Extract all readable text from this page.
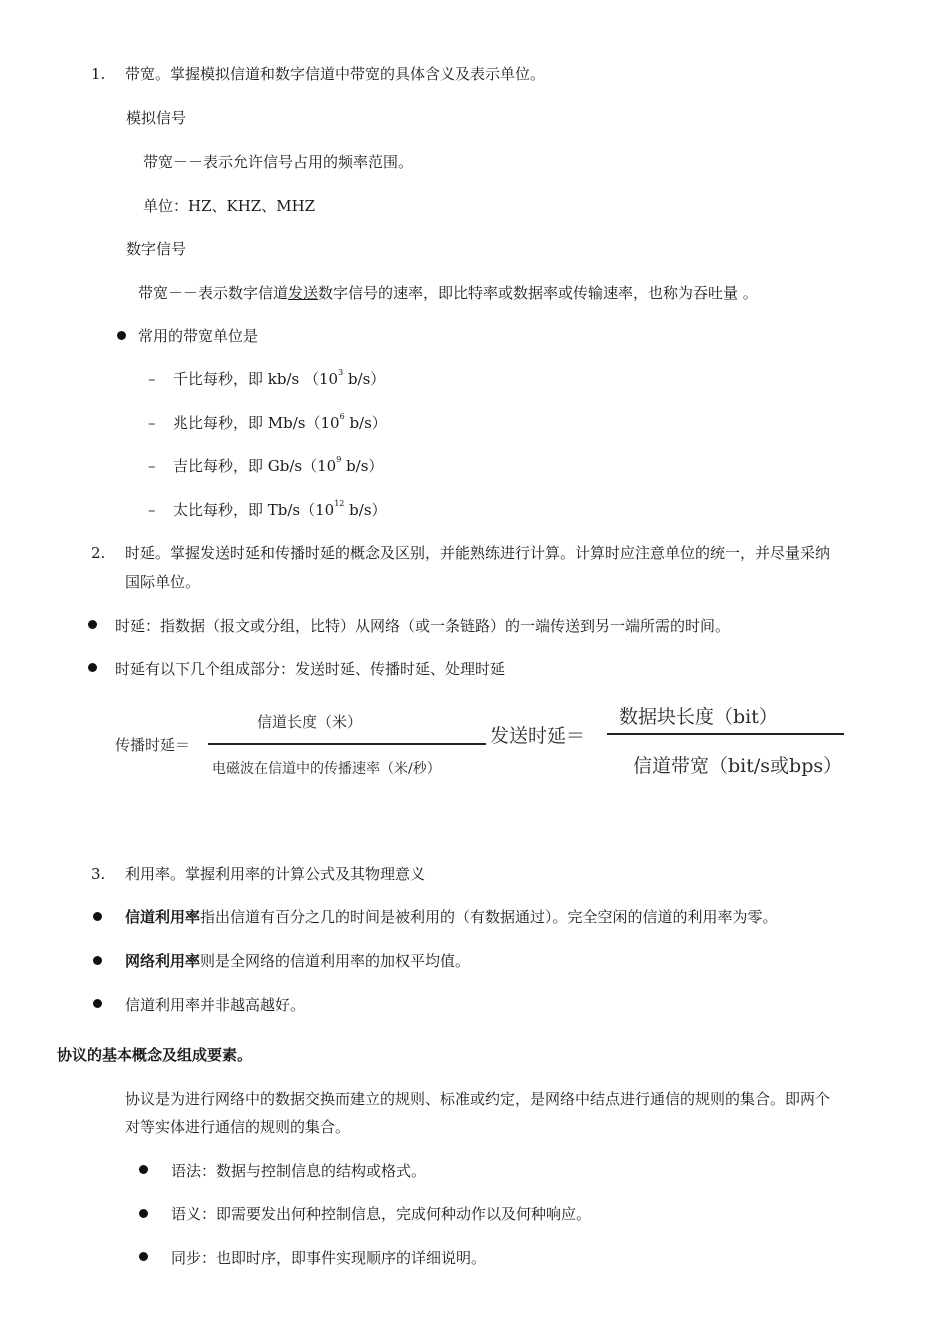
1. 带宽。掌握模拟信道和数字信道中带宽的具体含义及表示单位。
模拟信号
带宽－－表示允许信号占用的频率范围。
单位：HZ、KHZ、MHZ
数字信号
带宽－－表示数字信道发送数字信号的速率，即比特率或数据率或传输速率，也称为吞吐量 。
常用的带宽单位是
– 千比每秒，即 kb/s （$10^3$ b/s）
– 兆比每秒，即 $Mb/s(10^6$ b/s）
– 吉比每秒，即 $Gb/s(10^9$ b/s）
– 太比每秒，即 $Tb/s(10^{12}$ b/s）
2. 时延。掌握发送时延和传播时延的概念及区别，并能熟练进行计算。计算时应注意单位的统一，并尽量采纳
国际单位。
时延：指数据（报文或分组，比特）从网络（或一条链路）的一端传送到另一端所需的时间。
时延有以下几个组成部分：发送时延、传播时延、处理时延
传播时延＝
信道长度（米）
电磁波在信道中的传播速率（米/秒）
发送时延＝
数据块长度（bit）
信道带宽（bit/s或bps）
3. 利用率。掌握利用率的计算公式及其物理意义
信道利用率指出信道有百分之几的时间是被利用的（有数据通过）。完全空闲的信道的利用率为零。
网络利用率则是全网络的信道利用率的加权平均值。
信道利用率并非越高越好。
协议的基本概念及组成要素。
协议是为进行网络中的数据交换而建立的规则、标准或约定，是网络中结点进行通信的规则的集合。即两个
对等实体进行通信的规则的集合。
语法：数据与控制信息的结构或格式。
语义：即需要发出何种控制信息，完成何种动作以及何种响应。
同步：也即时序，即事件实现顺序的详细说明。
